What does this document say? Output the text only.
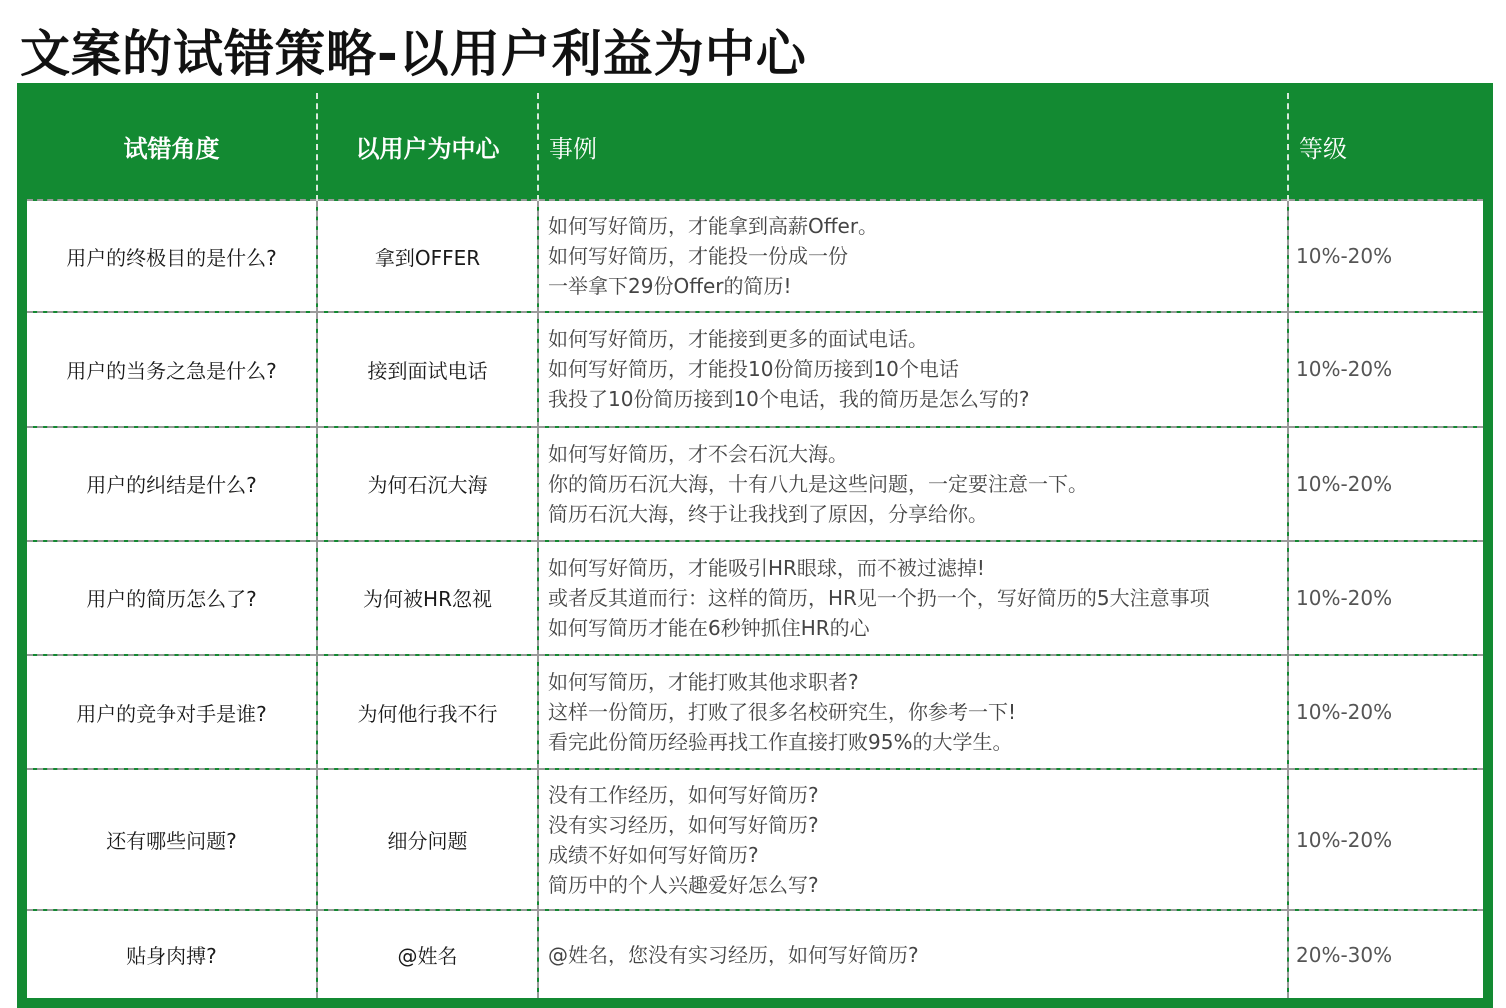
文案的试错策略-以用户利益为中心
试错角度	以用户为中心	事例	等级
用户的终极目的是什么?	拿到OFFER	如何写好简历，才能拿到高薪Offer。
如何写好简历，才能投一份成一份
一举拿下29份Offer的简历!	10%-20%
用户的当务之急是什么?	接到面试电话	如何写好简历，才能接到更多的面试电话。
如何写好简历，才能投10份简历接到10个电话
我投了10份简历接到10个电话，我的简历是怎么写的?	10%-20%
用户的纠结是什么?	为何石沉大海	如何写好简历，才不会石沉大海。
你的简历石沉大海，十有八九是这些问题，一定要注意一下。
简历石沉大海，终于让我找到了原因，分享给你。	10%-20%
用户的简历怎么了?	为何被HR忽视	如何写好简历，才能吸引HR眼球，而不被过滤掉!
或者反其道而行：这样的简历，HR见一个扔一个，写好简历的5大注意事项
如何写简历才能在6秒钟抓住HR的心	10%-20%
用户的竞争对手是谁?	为何他行我不行	如何写简历，才能打败其他求职者?
这样一份简历，打败了很多名校研究生，你参考一下!
看完此份简历经验再找工作直接打败95%的大学生。	10%-20%
还有哪些问题?	细分问题	没有工作经历，如何写好简历?
没有实习经历，如何写好简历?
成绩不好如何写好简历?
简历中的个人兴趣爱好怎么写?	10%-20%
贴身肉搏?	@姓名	@姓名，您没有实习经历，如何写好简历?	20%-30%
